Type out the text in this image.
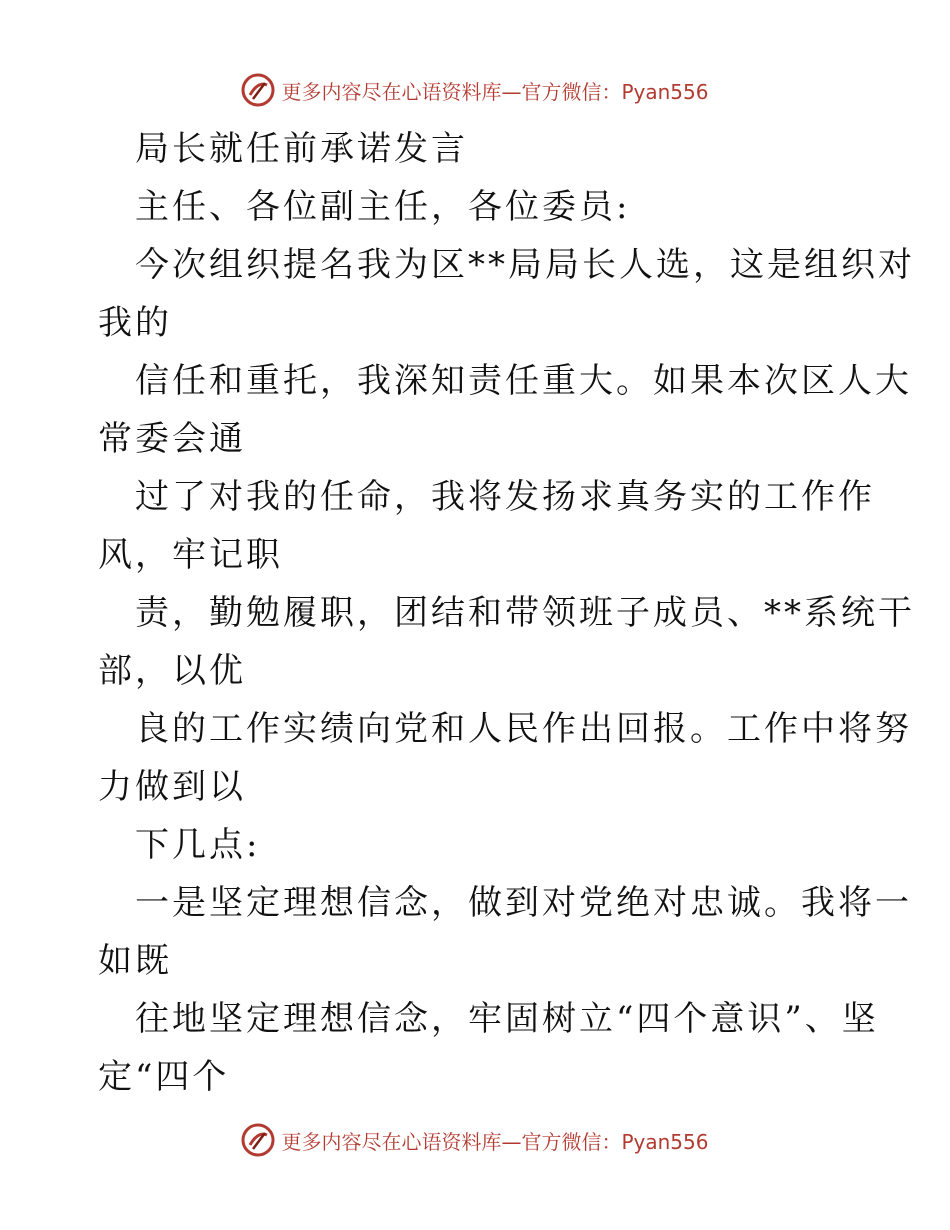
更多内容尽在心语资料库—官方微信：Pyan556
局长就任前承诺发言
主任、各位副主任，各位委员:
今次组织提名我为区**局局长人选，这是组织对
我的
信任和重托，我深知责任重大。如果本次区人大
常委会通
过了对我的任命，我将发扬求真务实的工作作
风，牢记职
责，勤勉履职，团结和带领班子成员、**系统干
部，以优
良的工作实绩向党和人民作出回报。工作中将努
力做到以
下几点:
一是坚定理想信念，做到对党绝对忠诚。我将一
如既
往地坚定理想信念，牢固树立“四个意识”、坚
定“四个
更多内容尽在心语资料库—官方微信：Pyan556
